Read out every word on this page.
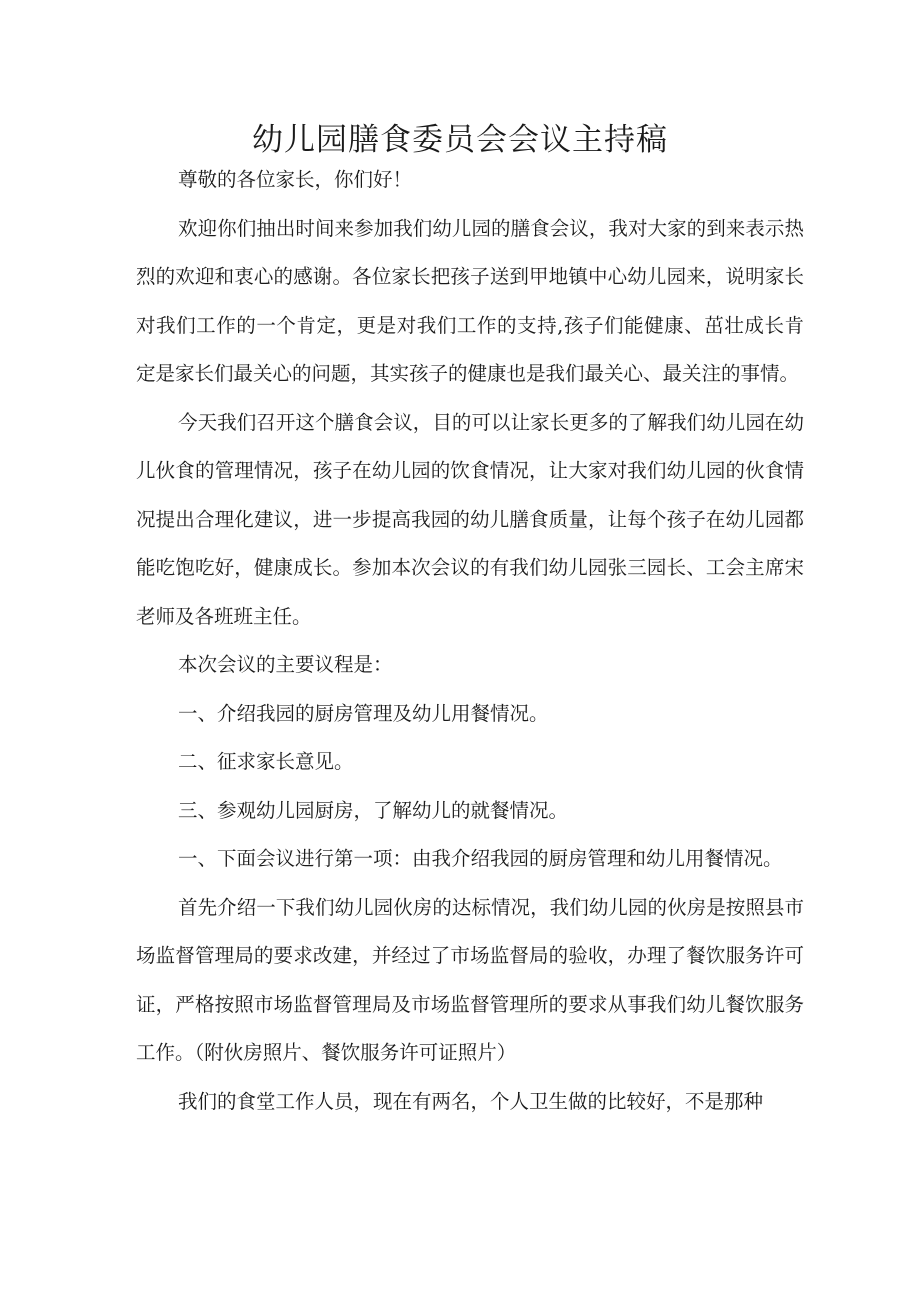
幼儿园膳食委员会会议主持稿

尊敬的各位家长，你们好！

欢迎你们抽出时间来参加我们幼儿园的膳食会议，我对大家的到来表示热烈的欢迎和衷心的感谢。各位家长把孩子送到甲地镇中心幼儿园来，说明家长对我们工作的一个肯定，更是对我们工作的支持,孩子们能健康、茁壮成长肯定是家长们最关心的问题，其实孩子的健康也是我们最关心、最关注的事情。

今天我们召开这个膳食会议，目的可以让家长更多的了解我们幼儿园在幼儿伙食的管理情况，孩子在幼儿园的饮食情况，让大家对我们幼儿园的伙食情况提出合理化建议，进一步提高我园的幼儿膳食质量，让每个孩子在幼儿园都能吃饱吃好，健康成长。参加本次会议的有我们幼儿园张三园长、工会主席宋老师及各班班主任。

本次会议的主要议程是：

一、介绍我园的厨房管理及幼儿用餐情况。

二、征求家长意见。

三、参观幼儿园厨房，了解幼儿的就餐情况。

一、下面会议进行第一项：由我介绍我园的厨房管理和幼儿用餐情况。

首先介绍一下我们幼儿园伙房的达标情况，我们幼儿园的伙房是按照县市场监督管理局的要求改建，并经过了市场监督局的验收，办理了餐饮服务许可证，严格按照市场监督管理局及市场监督管理所的要求从事我们幼儿餐饮服务工作。（附伙房照片、餐饮服务许可证照片）

我们的食堂工作人员，现在有两名，个人卫生做的比较好，不是那种
